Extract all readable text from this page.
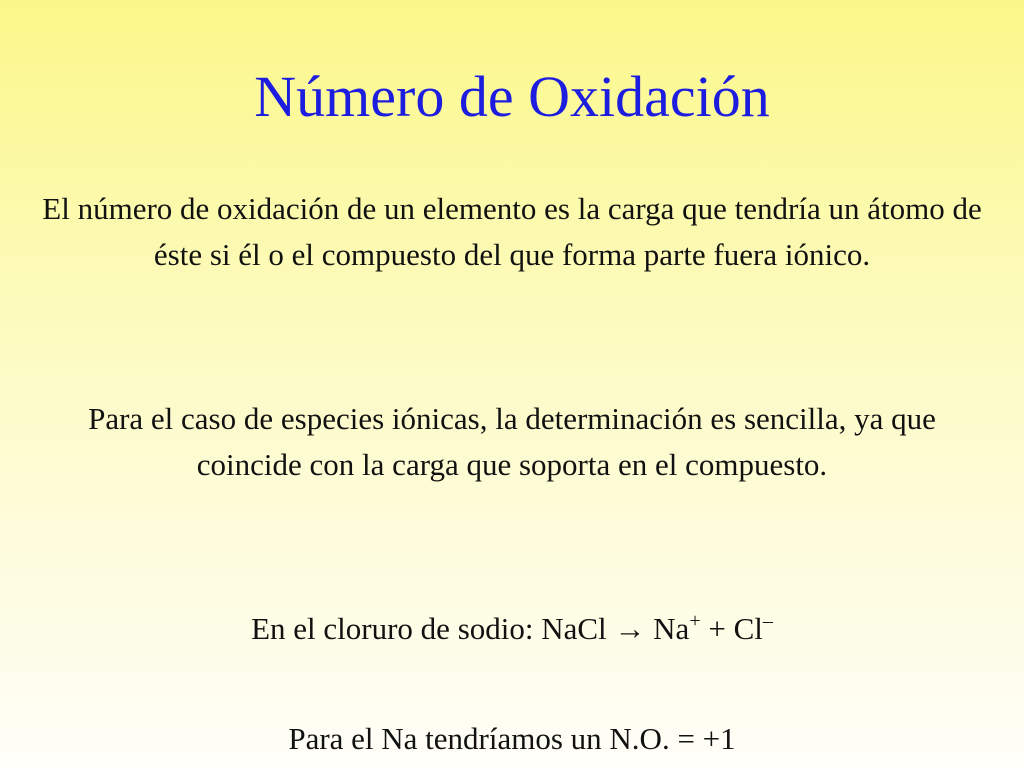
Número de Oxidación

El número de oxidación de un elemento es la carga que tendría un átomo de éste si él o el compuesto del que forma parte fuera iónico.

Para el caso de especies iónicas, la determinación es sencilla, ya que coincide con la carga que soporta en el compuesto.

En el cloruro de sodio: NaCl → Na+ + Cl–

Para el Na tendríamos un N.O. = +1
